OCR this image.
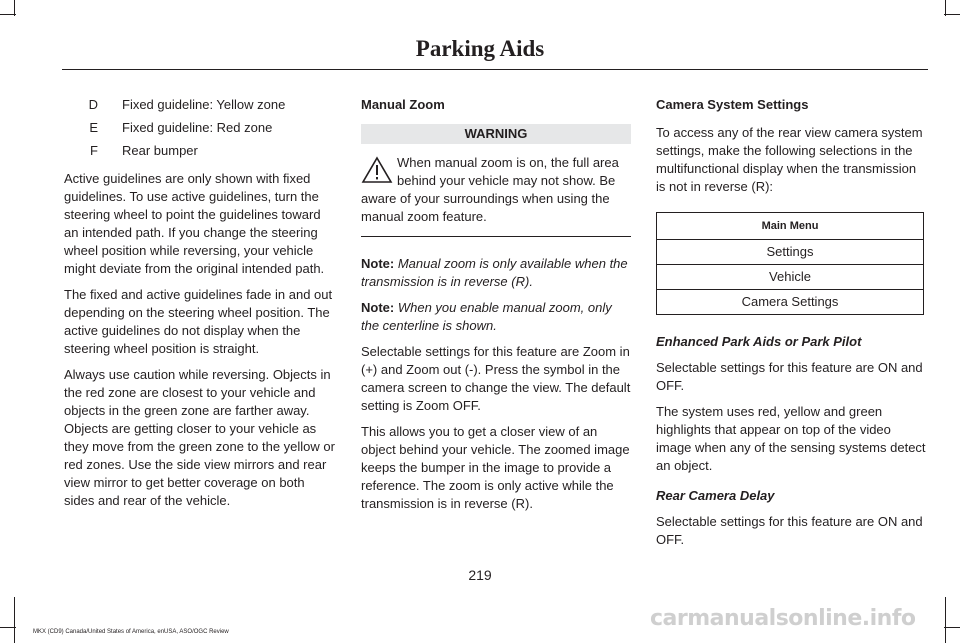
Parking Aids
D Fixed guideline: Yellow zone
E Fixed guideline: Red zone
F Rear bumper

Active guidelines are only shown with fixed guidelines. To use active guidelines, turn the steering wheel to point the guidelines toward an intended path. If you change the steering wheel position while reversing, your vehicle might deviate from the original intended path.

The fixed and active guidelines fade in and out depending on the steering wheel position. The active guidelines do not display when the steering wheel position is straight.

Always use caution while reversing. Objects in the red zone are closest to your vehicle and objects in the green zone are farther away. Objects are getting closer to your vehicle as they move from the green zone to the yellow or red zones. Use the side view mirrors and rear view mirror to get better coverage on both sides and rear of the vehicle.

Manual Zoom

WARNING
When manual zoom is on, the full area behind your vehicle may not show. Be aware of your surroundings when using the manual zoom feature.

Note: Manual zoom is only available when the transmission is in reverse (R).

Note: When you enable manual zoom, only the centerline is shown.

Selectable settings for this feature are Zoom in (+) and Zoom out (-). Press the symbol in the camera screen to change the view. The default setting is Zoom OFF.

This allows you to get a closer view of an object behind your vehicle. The zoomed image keeps the bumper in the image to provide a reference. The zoom is only active while the transmission is in reverse (R).

Camera System Settings

To access any of the rear view camera system settings, make the following selections in the multifunctional display when the transmission is not in reverse (R):

Main Menu
Settings
Vehicle
Camera Settings

Enhanced Park Aids or Park Pilot

Selectable settings for this feature are ON and OFF.

The system uses red, yellow and green highlights that appear on top of the video image when any of the sensing systems detect an object.

Rear Camera Delay

Selectable settings for this feature are ON and OFF.

219
MKX (CD9) Canada/United States of America, enUSA, ASO/OGC Review
carmanualsonline.info
